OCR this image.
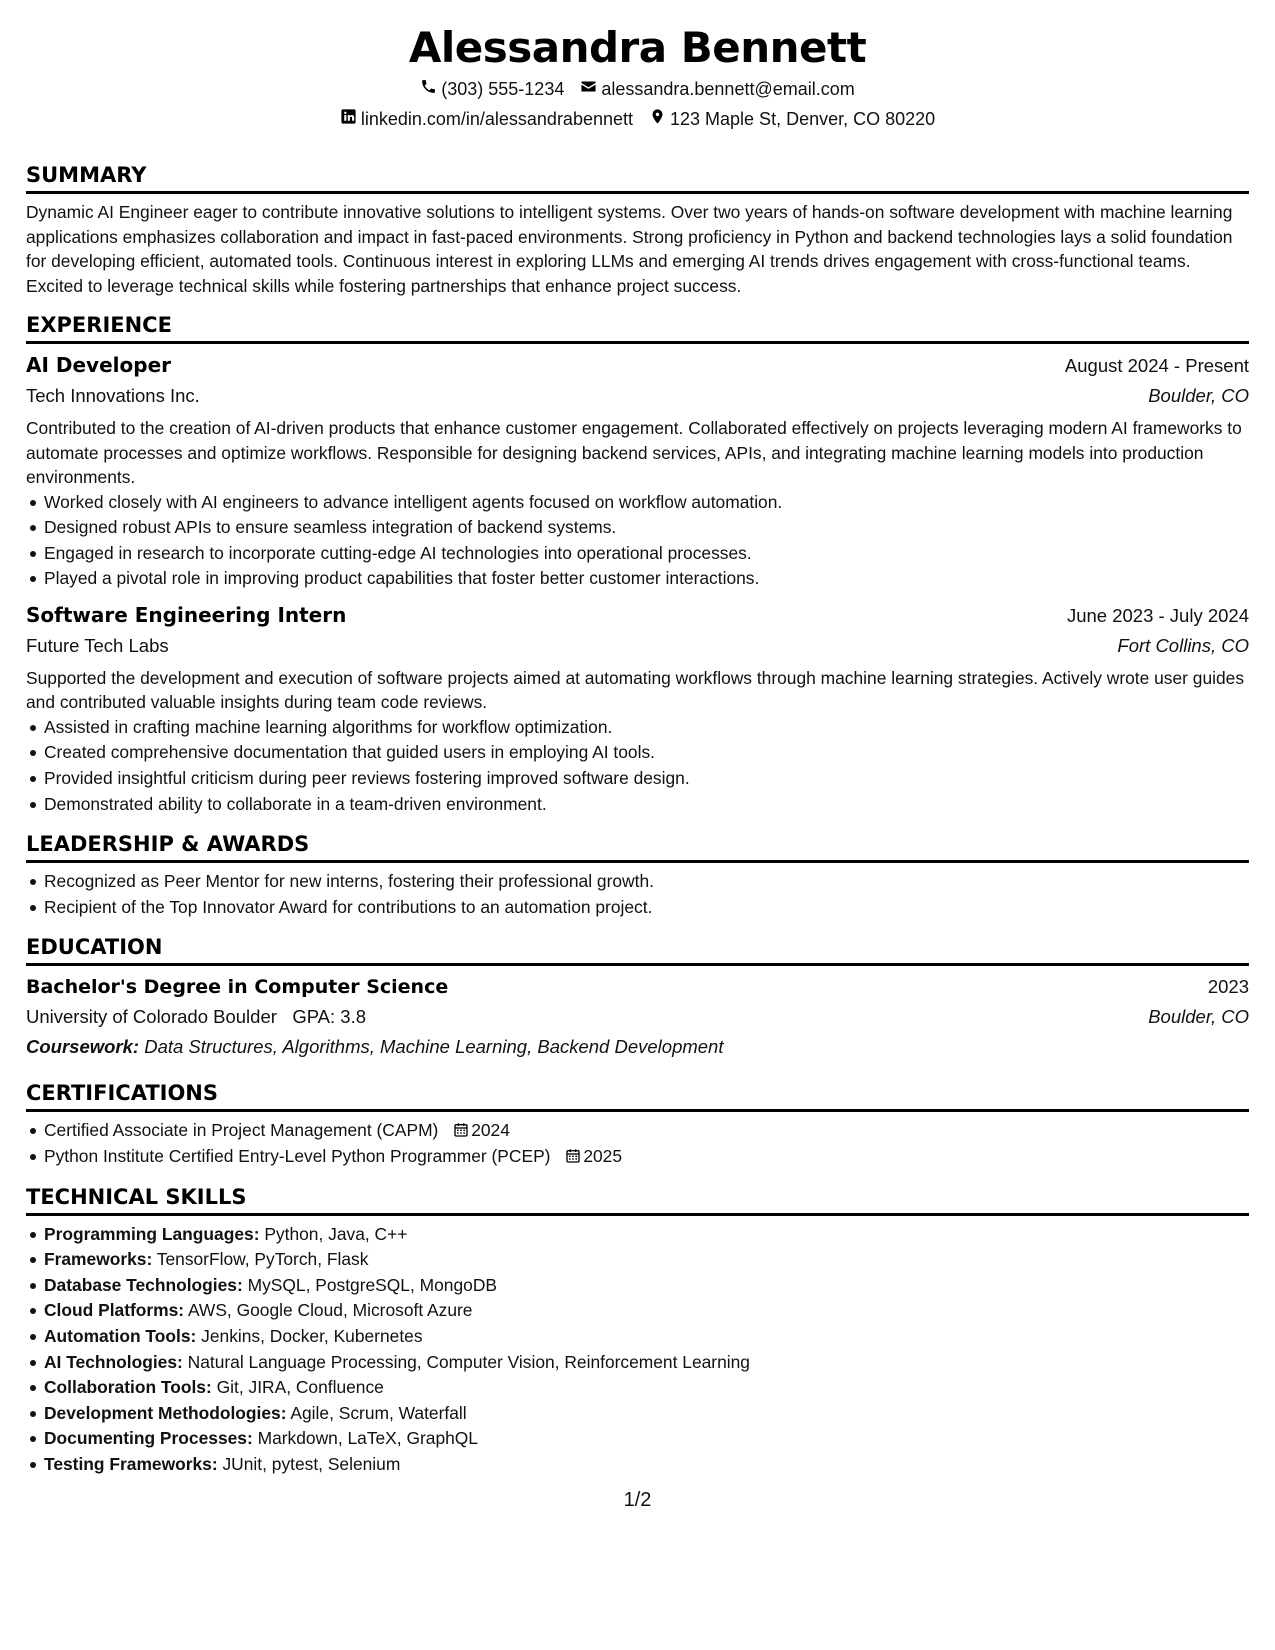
Alessandra Bennett
(303) 555-1234 alessandra.bennett@email.com
linkedin.com/in/alessandrabennett 123 Maple St, Denver, CO 80220
SUMMARY
Dynamic AI Engineer eager to contribute innovative solutions to intelligent systems. Over two years of hands-on software development with machine learning applications emphasizes collaboration and impact in fast-paced environments. Strong proficiency in Python and backend technologies lays a solid foundation for developing efficient, automated tools. Continuous interest in exploring LLMs and emerging AI trends drives engagement with cross-functional teams. Excited to leverage technical skills while fostering partnerships that enhance project success.
EXPERIENCE
AI Developer	August 2024 - Present
Tech Innovations Inc.	Boulder, CO
Contributed to the creation of AI-driven products that enhance customer engagement. Collaborated effectively on projects leveraging modern AI frameworks to automate processes and optimize workflows. Responsible for designing backend services, APIs, and integrating machine learning models into production environments.
Worked closely with AI engineers to advance intelligent agents focused on workflow automation.
Designed robust APIs to ensure seamless integration of backend systems.
Engaged in research to incorporate cutting-edge AI technologies into operational processes.
Played a pivotal role in improving product capabilities that foster better customer interactions.
Software Engineering Intern	June 2023 - July 2024
Future Tech Labs	Fort Collins, CO
Supported the development and execution of software projects aimed at automating workflows through machine learning strategies. Actively wrote user guides and contributed valuable insights during team code reviews.
Assisted in crafting machine learning algorithms for workflow optimization.
Created comprehensive documentation that guided users in employing AI tools.
Provided insightful criticism during peer reviews fostering improved software design.
Demonstrated ability to collaborate in a team-driven environment.
LEADERSHIP & AWARDS
Recognized as Peer Mentor for new interns, fostering their professional growth.
Recipient of the Top Innovator Award for contributions to an automation project.
EDUCATION
Bachelor's Degree in Computer Science	2023
University of Colorado Boulder GPA: 3.8	Boulder, CO
Coursework: Data Structures, Algorithms, Machine Learning, Backend Development
CERTIFICATIONS
Certified Associate in Project Management (CAPM) 2024
Python Institute Certified Entry-Level Python Programmer (PCEP) 2025
TECHNICAL SKILLS
Programming Languages: Python, Java, C++
Frameworks: TensorFlow, PyTorch, Flask
Database Technologies: MySQL, PostgreSQL, MongoDB
Cloud Platforms: AWS, Google Cloud, Microsoft Azure
Automation Tools: Jenkins, Docker, Kubernetes
AI Technologies: Natural Language Processing, Computer Vision, Reinforcement Learning
Collaboration Tools: Git, JIRA, Confluence
Development Methodologies: Agile, Scrum, Waterfall
Documenting Processes: Markdown, LaTeX, GraphQL
Testing Frameworks: JUnit, pytest, Selenium
1/2
